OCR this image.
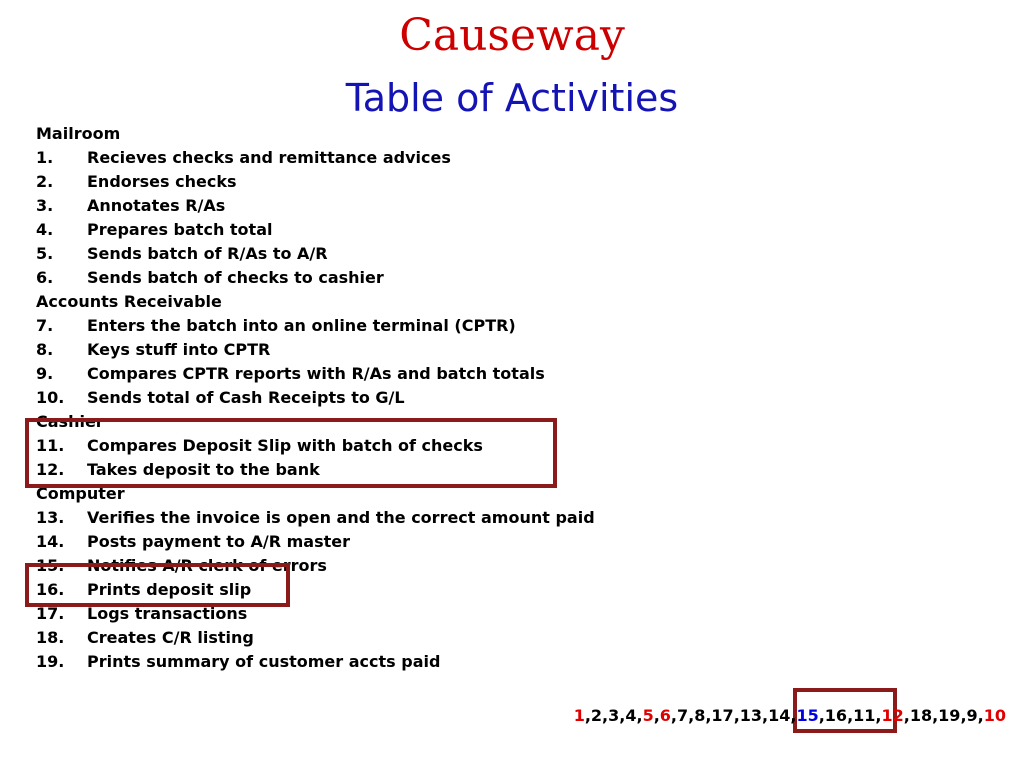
Causeway
Table of Activities
Mailroom
1. Recieves checks and remittance advices
2. Endorses checks
3. Annotates R/As
4. Prepares batch total
5. Sends batch of R/As to A/R
6. Sends batch of checks to cashier
Accounts Receivable
7. Enters the batch into an online terminal (CPTR)
8. Keys stuff into CPTR
9. Compares CPTR reports with R/As and batch totals
10. Sends total of Cash Receipts to G/L
Cashier
11. Compares Deposit Slip with batch of checks
12. Takes deposit to the bank
Computer
13. Verifies the invoice is open and the correct amount paid
14. Posts payment to A/R master
15. Notifies A/R clerk of errors
16. Prints deposit slip
17. Logs transactions
18. Creates C/R listing
19. Prints summary of customer accts paid
1,2,3,4,5,6,7,8,17,13,14,15,16,11,12,18,19,9,10
